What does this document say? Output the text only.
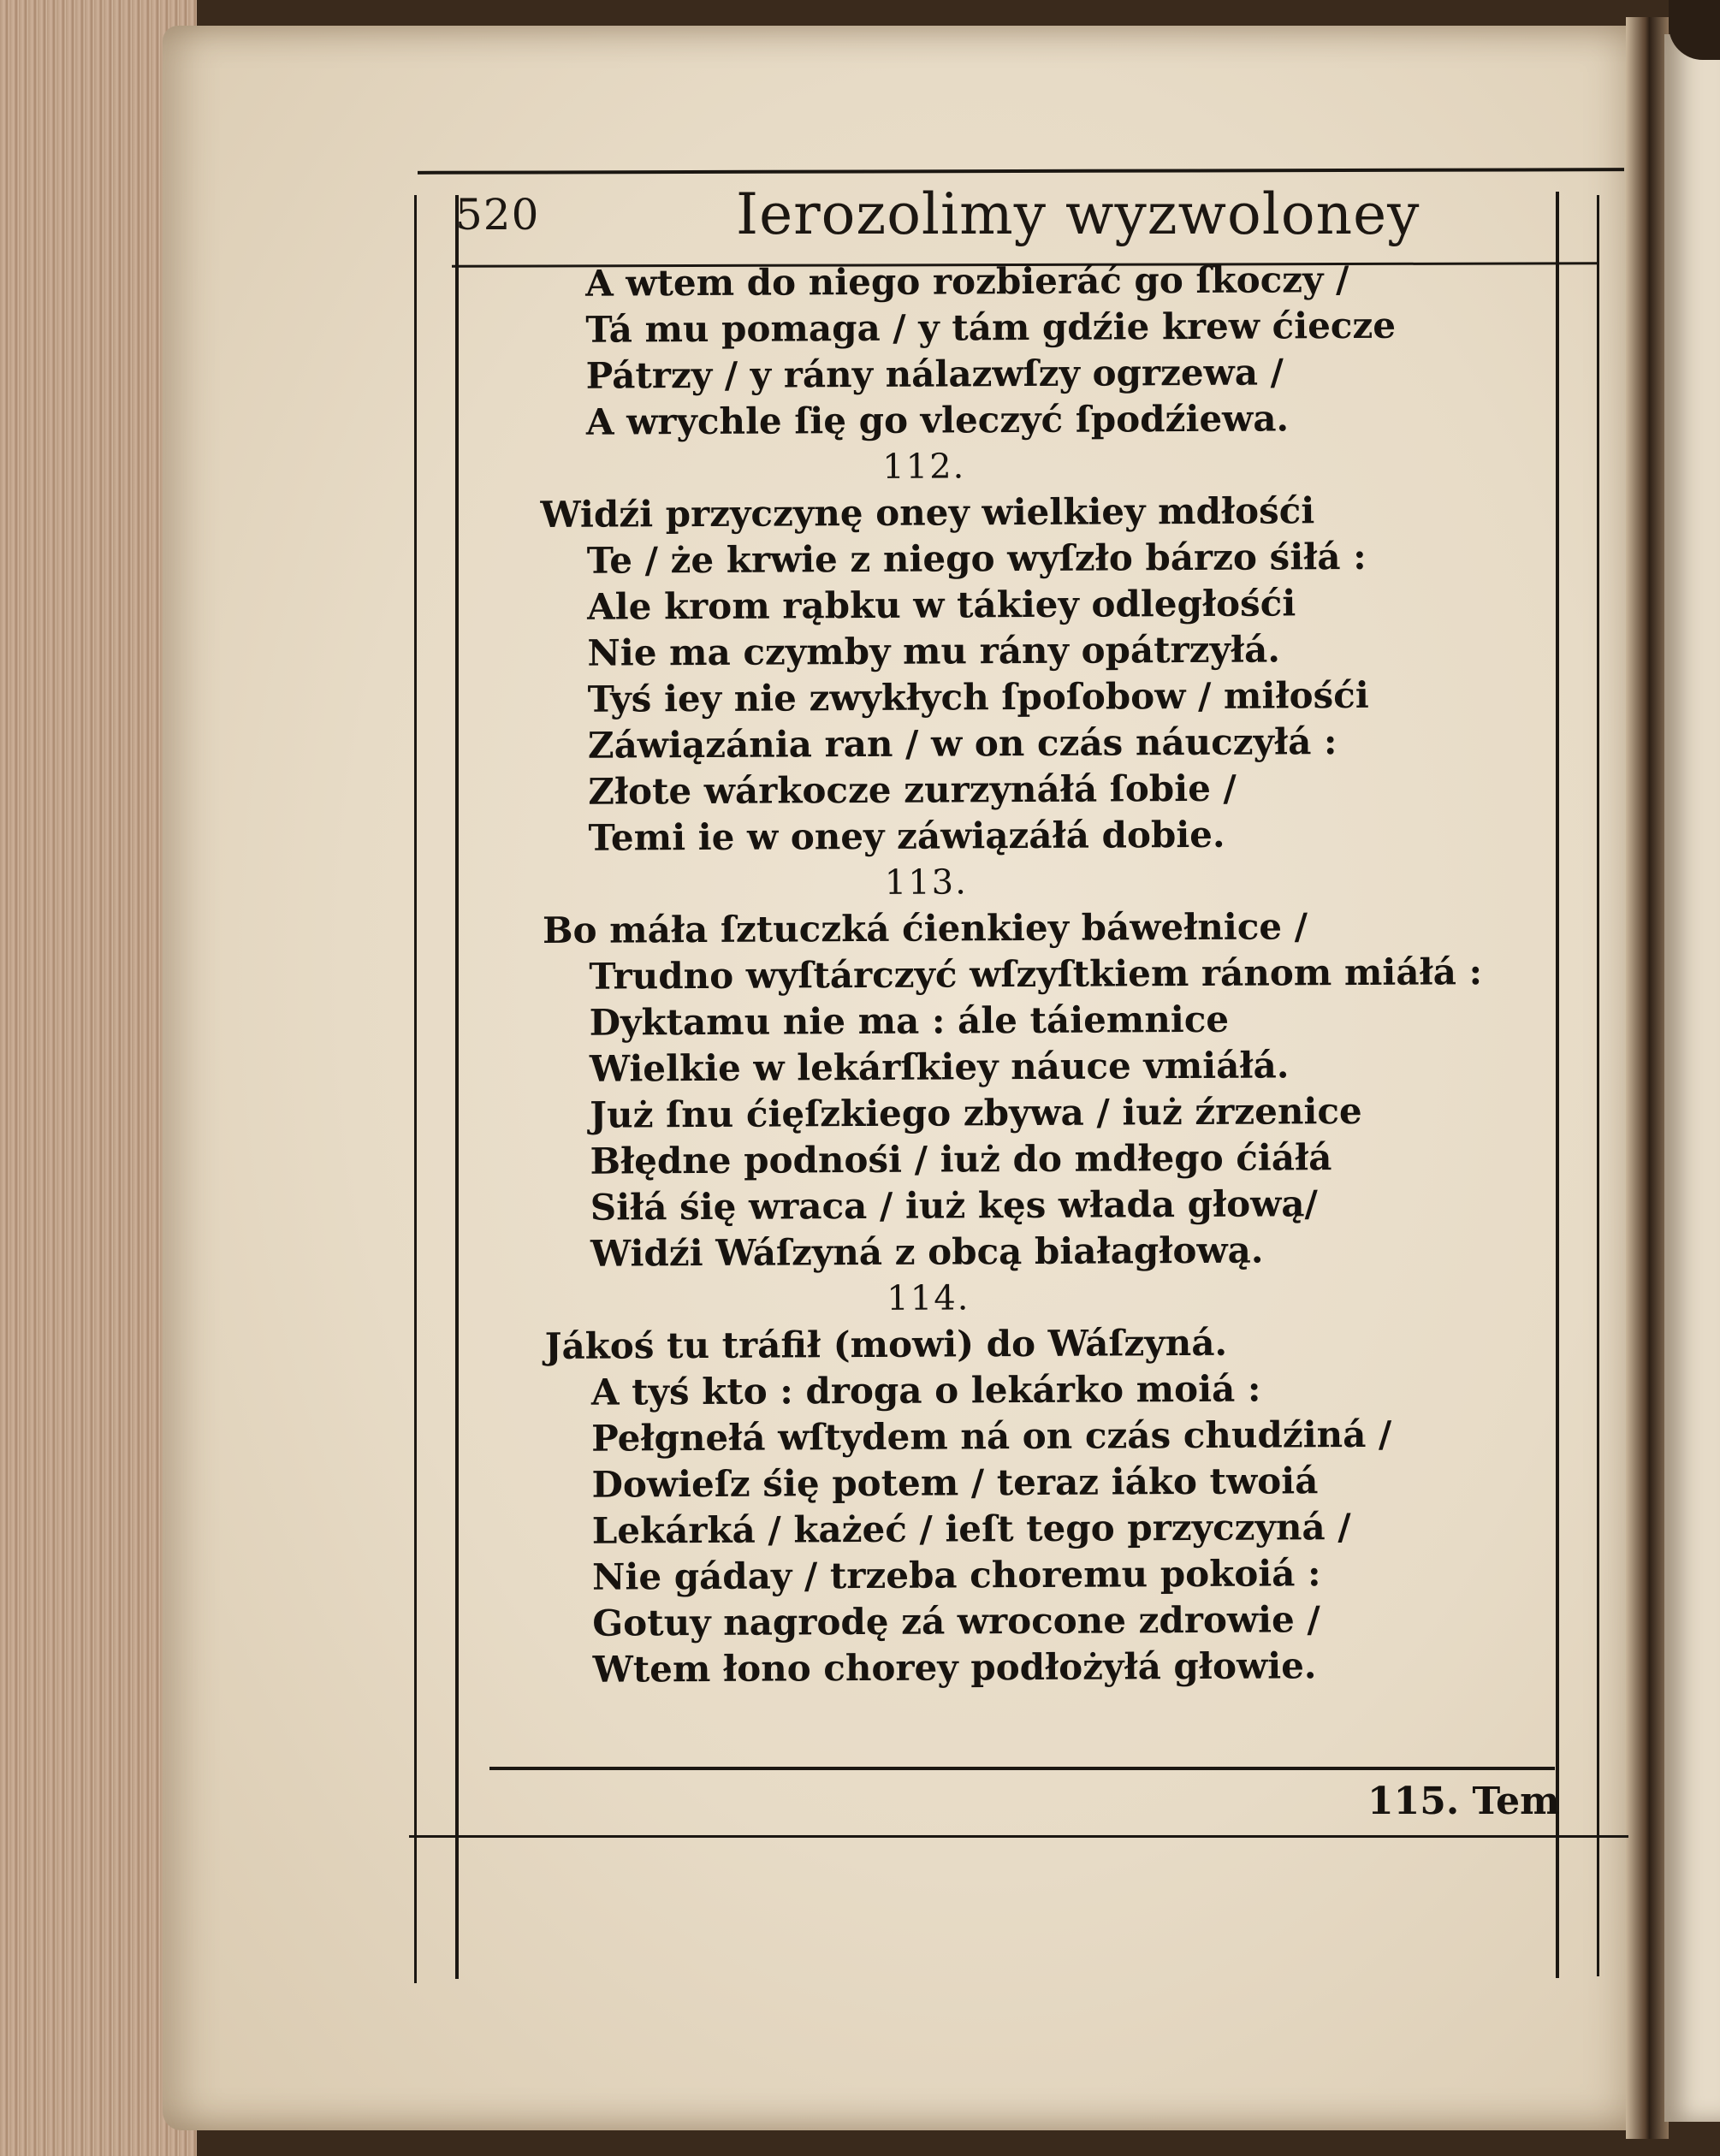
520	Ierozolimy wyzwoloney
A wtem do niego rozbieráć go ſkoczy /
Tá mu pomaga / y tám gdźie krew ćiecze
Pátrzy / y rány nálazwſzy ogrzewa /
A wrychle ſię go vleczyć ſpodźiewa.
112.
Widźi przyczynę oney wielkiey mdłośći
Te / że krwie z niego wyſzło bárzo śiłá :
Ale krom rąbku w tákiey odległośći
Nie ma czymby mu rány opátrzyłá.
Tyś iey nie zwykłych ſpoſobow / miłośći
Záwiązánia ran / w on czás náuczyłá :
Złote wárkocze zurzynáłá ſobie /
Temi ie w oney záwiązáłá dobie.
113.
Bo máła ſztuczká ćienkiey báwełnice /
Trudno wyſtárczyć wſzyſtkiem ránom miáłá :
Dyktamu nie ma : ále táiemnice
Wielkie w lekárſkiey náuce vmiáłá.
Już ſnu ćięſzkiego zbywa / iuż źrzenice
Błędne podnośi / iuż do mdłego ćiáłá
Siłá śię wraca / iuż kęs włada głową/
Widźi Wáſzyná z obcą białagłową.
114.
Jákoś tu tráfił (mowi) do Wáſzyná.
A tyś kto : droga o lekárko moiá :
Pełgnełá wſtydem ná on czás chudźiná /
Dowieſz śię potem / teraz iáko twoiá
Lekárká / każeć / ieſt tego przyczyná /
Nie gáday / trzeba choremu pokoiá :
Gotuy nagrodę zá wrocone zdrowie /
Wtem łono chorey podłożyłá głowie.
115. Tem
